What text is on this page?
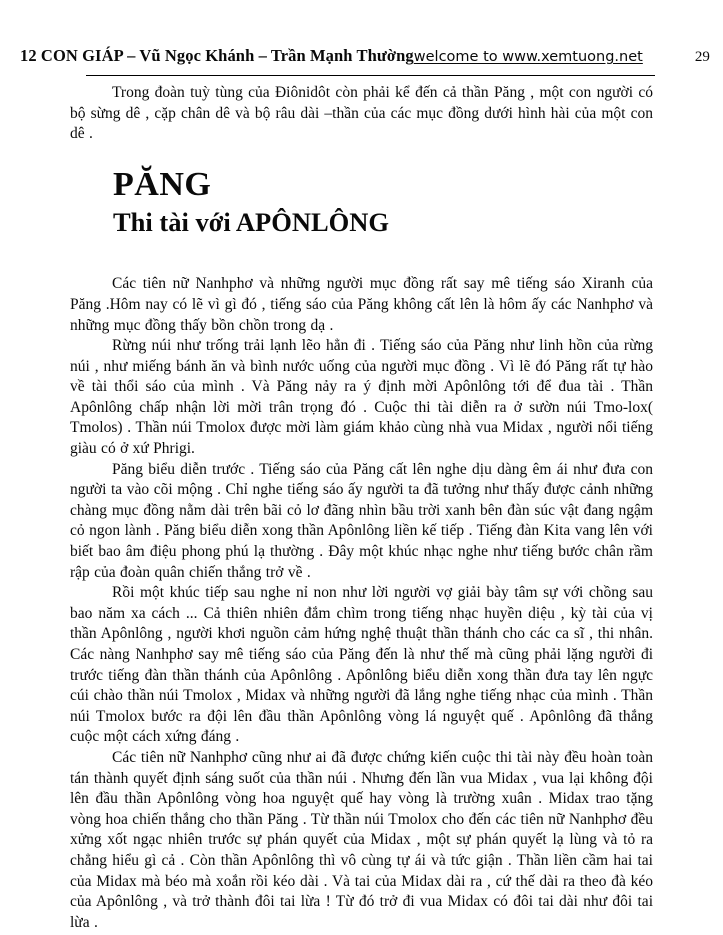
12 CON GIÁP – Vũ Ngọc Khánh – Trần Mạnh Thường welcome to www.xemtuong.net	29

Trong đoàn tuỳ tùng của Điônidôt còn phải kể đến cả thần Păng , một con người có bộ sừng dê , cặp chân dê và bộ râu dài –thần của các mục đồng dưới hình hài của một con dê .

PĂNG
Thi tài với APÔNLÔNG

Các tiên nữ Nanhphơ và những người mục đồng rất say mê tiếng sáo Xiranh của Păng .Hôm nay có lẽ vì gì đó , tiếng sáo của Păng không cất lên là hôm ấy các Nanhphơ và những mục đồng thấy bồn chồn trong dạ .

Rừng núi như trống trải lạnh lẽo hẳn đi . Tiếng sáo của Păng như linh hồn của rừng núi , như miếng bánh ăn và bình nước uống của người mục đồng . Vì lẽ đó Păng rất tự hào về tài thổi sáo của mình . Và Păng nảy ra ý định mời Apônlông tới để đua tài . Thần Apônlông chấp nhận lời mời trân trọng đó . Cuộc thi tài diễn ra ở sườn núi Tmo-lox( Tmolos) . Thần núi Tmolox được mời làm giám khảo cùng nhà vua Midax , người nổi tiếng giàu có ở xứ Phrigi.

Păng biểu diễn trước . Tiếng sáo của Păng cất lên nghe dịu dàng êm ái như đưa con người ta vào cõi mộng . Chỉ nghe tiếng sáo ấy người ta đã tưởng như thấy được cảnh những chàng mục đồng nằm dài trên bãi cỏ lơ đãng nhìn bầu trời xanh bên đàn súc vật đang ngậm cỏ ngon lành . Păng biểu diễn xong thần Apônlông liền kế tiếp . Tiếng đàn Kita vang lên với biết bao âm điệu phong phú lạ thường . Đây một khúc nhạc nghe như tiếng bước chân rầm rập của đoàn quân chiến thắng trở về .

Rồi một khúc tiếp sau nghe nỉ non như lời người vợ giải bày tâm sự với chồng sau bao năm xa cách ... Cả thiên nhiên đắm chìm trong tiếng nhạc huyền diệu , kỳ tài của vị thần Apônlông , người khơi nguồn cảm hứng nghệ thuật thần thánh cho các ca sĩ , thi nhân. Các nàng Nanhphơ say mê tiếng sáo của Păng đến là như thế mà cũng phải lặng người đi trước tiếng đàn thần thánh của Apônlông . Apônlông biểu diễn xong thần đưa tay lên ngực cúi chào thần núi Tmolox , Midax và những người đã lắng nghe tiếng nhạc của mình . Thần núi Tmolox bước ra đội lên đầu thần Apônlông vòng lá nguyệt quế . Apônlông đã thắng cuộc một cách xứng đáng .

Các tiên nữ Nanhphơ cũng như ai đã được chứng kiến cuộc thi tài này đều hoàn toàn tán thành quyết định sáng suốt của thần núi . Nhưng đến lần vua Midax , vua lại không đội lên đầu thần Apônlông vòng hoa nguyệt quế hay vòng là trường xuân . Midax trao tặng vòng hoa chiến thắng cho thần Păng . Từ thần núi Tmolox cho đến các tiên nữ Nanhphơ đều xửng xốt ngạc nhiên trước sự phán quyết của Midax , một sự phán quyết lạ lùng và tỏ ra chẳng hiểu gì cả . Còn thần Apônlông thì vô cùng tự ái và tức giận . Thần liền cầm hai tai của Midax mà béo mà xoắn rồi kéo dài . Và tai của Midax dài ra , cứ thế dài ra theo đà kéo của Apônlông , và trở thành đôi tai lừa ! Từ đó trở đi vua Midax có đôi tai dài như đôi tai lừa .
